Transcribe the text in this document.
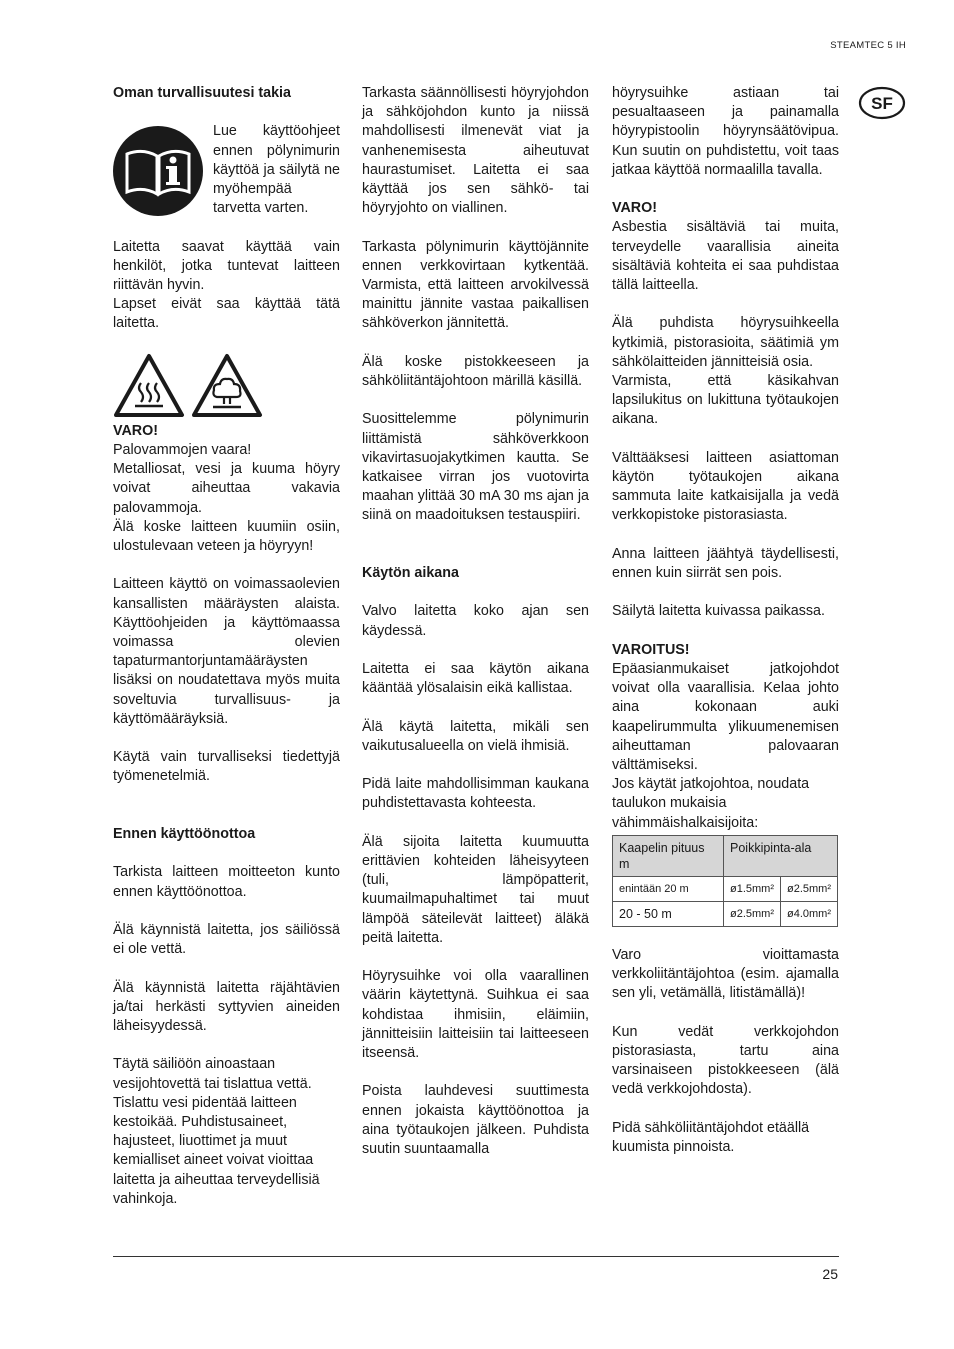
STEAMTEC 5 IH
SF
Oman turvallisuutesi takia

Lue käyttöohjeet ennen pölynimurin käyttöä ja säilytä ne myöhempää tarvetta varten.

Laitetta saavat käyttää vain henkilöt, jotka tuntevat laitteen riittävän hyvin.

Lapset eivät saa käyttää tätä laitetta.

VARO!

Palovammojen vaara!

Metalliosat, vesi ja kuuma höyry voivat aiheuttaa vakavia palovammoja.

Älä koske laitteen kuumiin osiin, ulostulevaan veteen ja höyryyn!

Laitteen käyttö on voimassaolevien kansallisten määräysten alaista. Käyttöohjeiden ja käyttömaassa voimassa olevien tapaturmantorjuntamääräysten lisäksi on noudatettava myös muita soveltuvia turvallisuus- ja käyttömääräyksiä.

Käytä vain turvalliseksi tiedettyjä työmenetelmiä.

Ennen käyttöönottoa

Tarkista laitteen moitteeton kunto ennen käyttöönottoa.

Älä käynnistä laitetta, jos säiliössä ei ole vettä.

Älä käynnistä laitetta räjähtävien ja/tai herkästi syttyvien aineiden läheisyydessä.

Täytä säiliöön ainoastaan vesijohtovettä tai tislattua vettä. Tislattu vesi pidentää laitteen kestoikää. Puhdistusaineet, hajusteet, liuottimet ja muut kemialliset aineet voivat vioittaa laitetta ja aiheuttaa terveydellisiä vahinkoja.

Tarkasta säännöllisesti höyryjohdon ja sähköjohdon kunto ja niissä mahdollisesti ilmenevät viat ja vanhenemisesta aiheutuvat haurastumiset. Laitetta ei saa käyttää jos sen sähkö- tai höyryjohto on viallinen.

Tarkasta pölynimurin käyttöjännite ennen verkkovirtaan kytkentää. Varmista, että laitteen arvokilvessä mainittu jännite vastaa paikallisen sähköverkon jännitettä.

Älä koske pistokkeeseen ja sähköliitäntäjohtoon märillä käsillä.

Suosittelemme pölynimurin liittämistä sähköverkkoon vikavirtasuojakytkimen kautta. Se katkaisee virran jos vuotovirta maahan ylittää 30 mA 30 ms ajan ja siinä on maadoituksen testauspiiri.

Käytön aikana

Valvo laitetta koko ajan sen käydessä.

Laitetta ei saa käytön aikana kääntää ylösalaisin eikä kallistaa.

Älä käytä laitetta, mikäli sen vaikutusalueella on vielä ihmisiä.

Pidä laite mahdollisimman kaukana puhdistettavasta kohteesta.

Älä sijoita laitetta kuumuutta erittävien kohteiden läheisyyteen (tuli, lämpöpatterit, kuumailmapuhaltimet tai muut lämpöä säteilevät laitteet) äläkä peitä laitetta.

Höyrysuihke voi olla vaarallinen väärin käytettynä. Suihkua ei saa kohdistaa ihmisiin, eläimiin, jännitteisiin laitteisiin tai laitteeseen itseensä.

Poista lauhdevesi suuttimesta ennen jokaista käyttöönottoa ja aina työtaukojen jälkeen. Puhdista suutin suuntaamalla

höyrysuihke astiaan tai pesualtaaseen ja painamalla höyrypistoolin höyrynsäätövipua. Kun suutin on puhdistettu, voit taas jatkaa käyttöä normaalilla tavalla.

VARO!

Asbestia sisältäviä tai muita, terveydelle vaarallisia aineita sisältäviä kohteita ei saa puhdistaa tällä laitteella.

Älä puhdista höyrysuihkeella kytkimiä, pistorasioita, säätimiä ym sähkölaitteiden jännitteisiä osia.

Varmista, että käsikahvan lapsilukitus on lukittuna työtaukojen aikana.

Välttääksesi laitteen asiattoman käytön työtaukojen aikana sammuta laite katkaisijalla ja vedä verkkopistoke pistorasiasta.

Anna laitteen jäähtyä täydellisesti, ennen kuin siirrät sen pois.

Säilytä laitetta kuivassa paikassa.

VAROITUS!

Epäasianmukaiset jatkojohdot voivat olla vaarallisia. Kelaa johto aina kokonaan auki kaapelirummulta ylikuumenemisen aiheuttaman palovaaran välttämiseksi.

Jos käytät jatkojohtoa, noudata taulukon mukaisia vähimmäishalkaisijoita:

Kaapelin pituus m	Poikkipinta-ala	
enintään 20 m	ø1.5mm²	ø2.5mm²
20 - 50 m	ø2.5mm²	ø4.0mm²

Varo vioittamasta verkkoliitäntäjohtoa (esim. ajamalla sen yli, vetämällä, litistämällä)!

Kun vedät verkkojohdon pistorasiasta, tartu aina varsinaiseen pistokkeeseen (älä vedä verkkojohdosta).

Pidä sähköliitäntäjohdot etäällä kuumista pinnoista.

25
